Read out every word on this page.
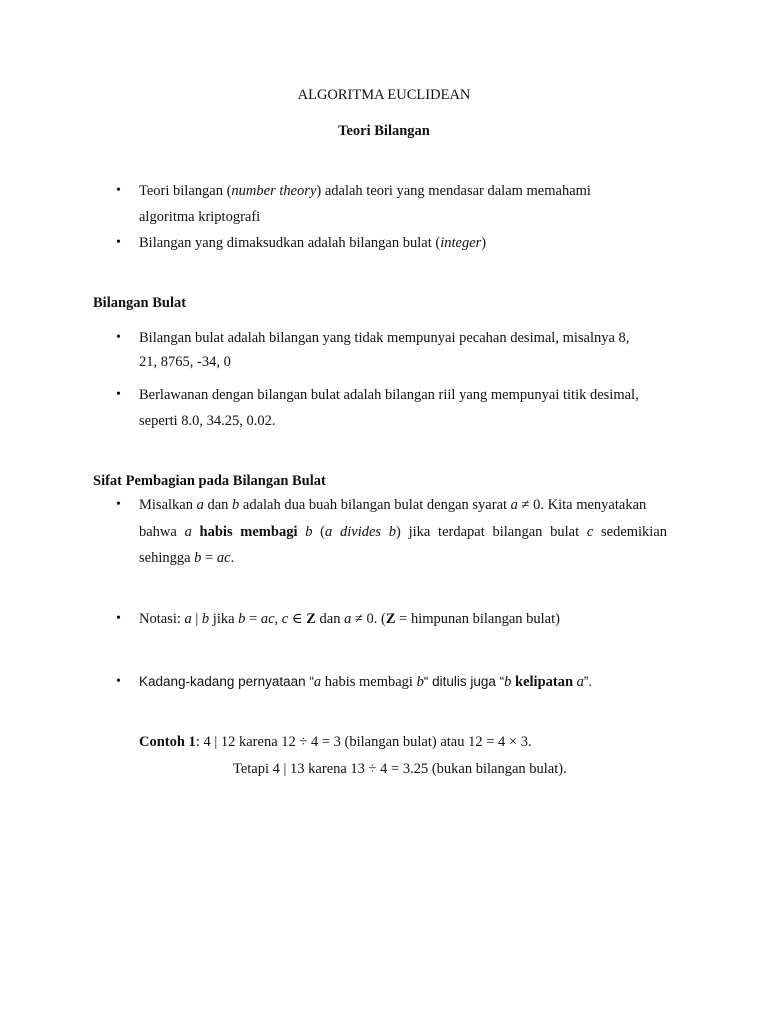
ALGORITMA EUCLIDEAN
Teori Bilangan
• Teori bilangan (number theory) adalah teori yang mendasar dalam memahami
algoritma kriptografi
• Bilangan yang dimaksudkan adalah bilangan bulat (integer)
Bilangan Bulat
• Bilangan bulat adalah bilangan yang tidak mempunyai pecahan desimal, misalnya 8,
21, 8765, -34, 0
• Berlawanan dengan bilangan bulat adalah bilangan riil yang mempunyai titik desimal,
seperti 8.0, 34.25, 0.02.
Sifat Pembagian pada Bilangan Bulat
• Misalkan a dan b adalah dua buah bilangan bulat dengan syarat a ≠ 0. Kita menyatakan
bahwa a habis membagi b (a divides b) jika terdapat bilangan bulat c sedemikian
sehingga b = ac.
• Notasi: a | b jika b = ac, c ∈ Z dan a ≠ 0. (Z = himpunan bilangan bulat)
• Kadang-kadang pernyataan “a habis membagi b“ ditulis juga “b kelipatan a”.
Contoh 1: 4 | 12 karena 12 ÷ 4 = 3 (bilangan bulat) atau 12 = 4 × 3.
Tetapi 4 | 13 karena 13 ÷ 4 = 3.25 (bukan bilangan bulat).
